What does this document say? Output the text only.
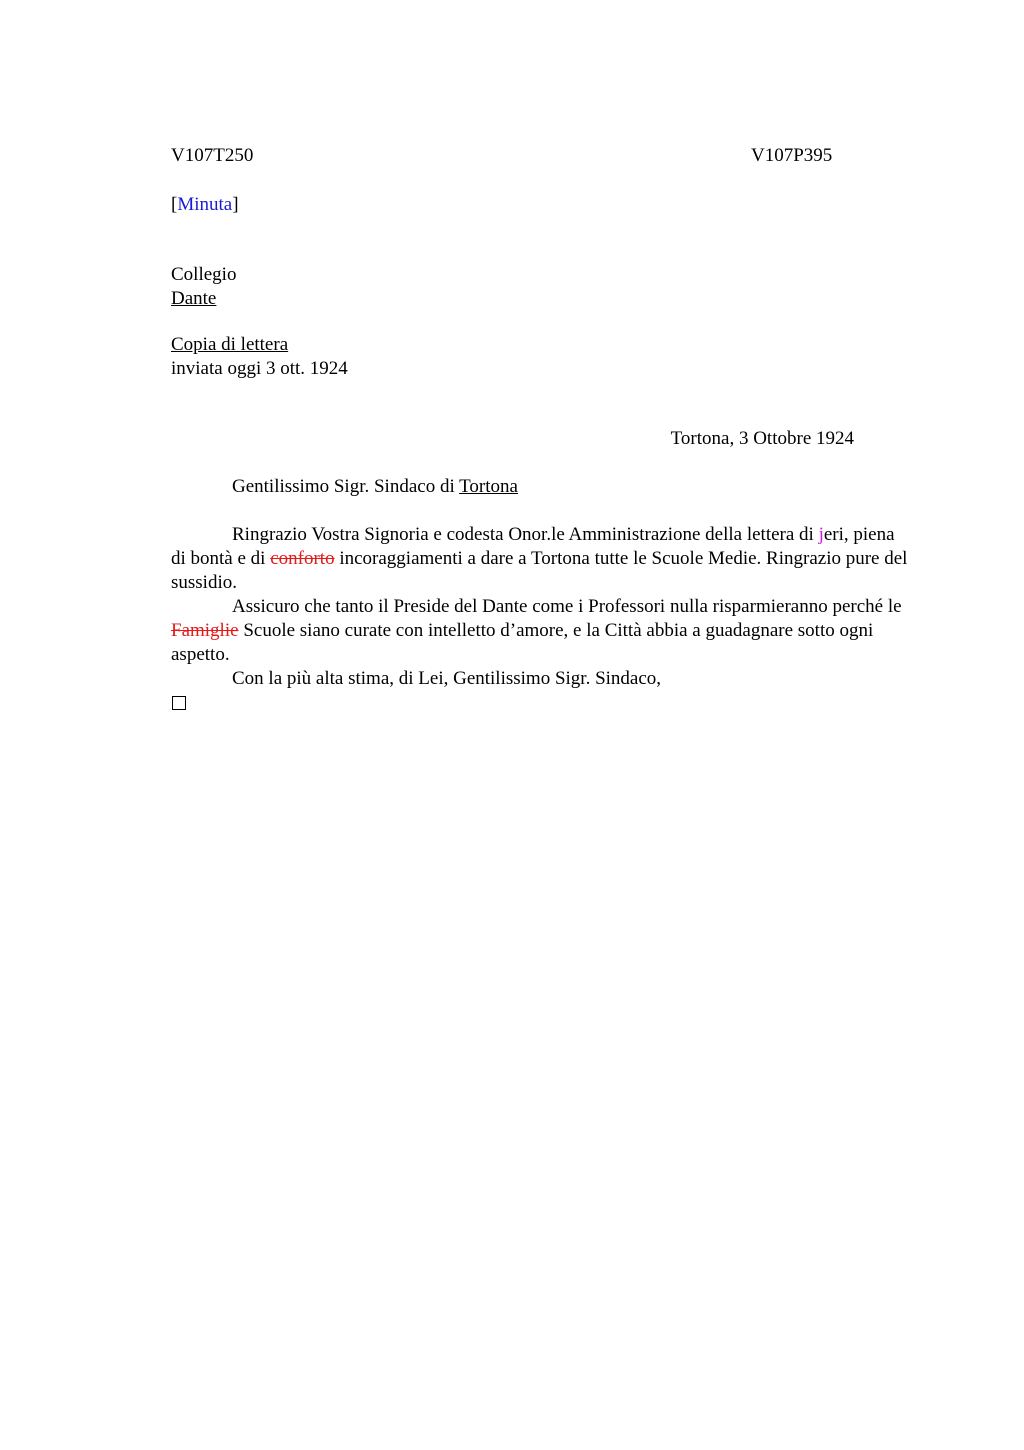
V107T250	V107P395
[Minuta]
Collegio
Dante
Copia di lettera
inviata oggi 3 ott. 1924
Tortona, 3 Ottobre 1924
Gentilissimo Sigr. Sindaco di Tortona
Ringrazio Vostra Signoria e codesta Onor.le Amministrazione della lettera di jeri, piena di bontà e di conforto incoraggiamenti a dare a Tortona tutte le Scuole Medie. Ringrazio pure del sussidio.
Assicuro che tanto il Preside del Dante come i Professori nulla risparmieranno perché le Famiglie Scuole siano curate con intelletto d’amore, e la Città abbia a guadagnare sotto ogni aspetto.
Con la più alta stima, di Lei, Gentilissimo Sigr. Sindaco,
